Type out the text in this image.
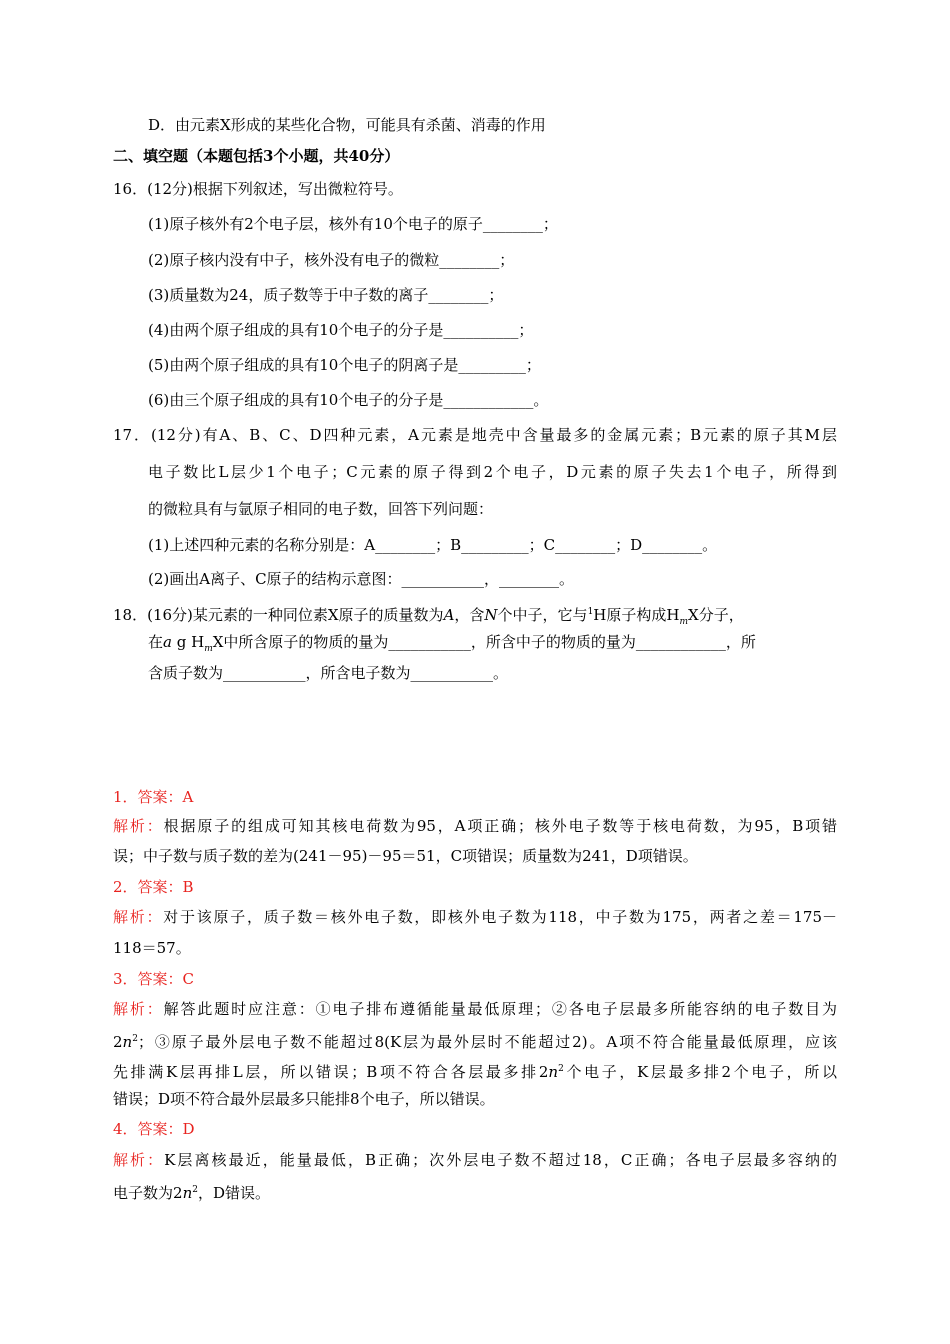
D．由元素X形成的某些化合物，可能具有杀菌、消毒的作用
二、填空题（本题包括3个小题，共40分）
16．(12分)根据下列叙述，写出微粒符号。
(1)原子核外有2个电子层，核外有10个电子的原子________；
(2)原子核内没有中子，核外没有电子的微粒________；
(3)质量数为24，质子数等于中子数的离子________；
(4)由两个原子组成的具有10个电子的分子是__________；
(5)由两个原子组成的具有10个电子的阴离子是_________；
(6)由三个原子组成的具有10个电子的分子是____________。
17．(12分)有A、B、C、D四种元素，A元素是地壳中含量最多的金属元素；B元素的原子其M层
电子数比L层少1个电子；C元素的原子得到2个电子，D元素的原子失去1个电子，所得到
的微粒具有与氩原子相同的电子数，回答下列问题：
(1)上述四种元素的名称分别是：A________；B_________；C________；D________。
(2)画出A离子、C原子的结构示意图：___________，________。
18．(16分)某元素的一种同位素X原子的质量数为A，含N个中子，它与$^1$H原子构成$H_mX$分子，
在a g $H_mX$中所含原子的物质的量为___________，所含中子的物质的量为____________，所
含质子数为___________，所含电子数为___________。
1．答案：A
解析：根据原子的组成可知其核电荷数为95，A项正确；核外电子数等于核电荷数，为95，B项错
误；中子数与质子数的差为(241－95)－95＝51，C项错误；质量数为241，D项错误。
2．答案：B
解析：对于该原子，质子数＝核外电子数，即核外电子数为118，中子数为175，两者之差＝175－
118＝57。
3．答案：C
解析：解答此题时应注意：①电子排布遵循能量最低原理；②各电子层最多所能容纳的电子数目为
$2n^2$；③原子最外层电子数不能超过8(K层为最外层时不能超过2)。A项不符合能量最低原理，应该
先排满K层再排L层，所以错误；B项不符合各层最多排$2n^2$个电子，K层最多排2个电子，所以
错误；D项不符合最外层最多只能排8个电子，所以错误。
4．答案：D
解析：K层离核最近，能量最低，B正确；次外层电子数不超过18，C正确；各电子层最多容纳的
电子数为$2n^2$，D错误。
